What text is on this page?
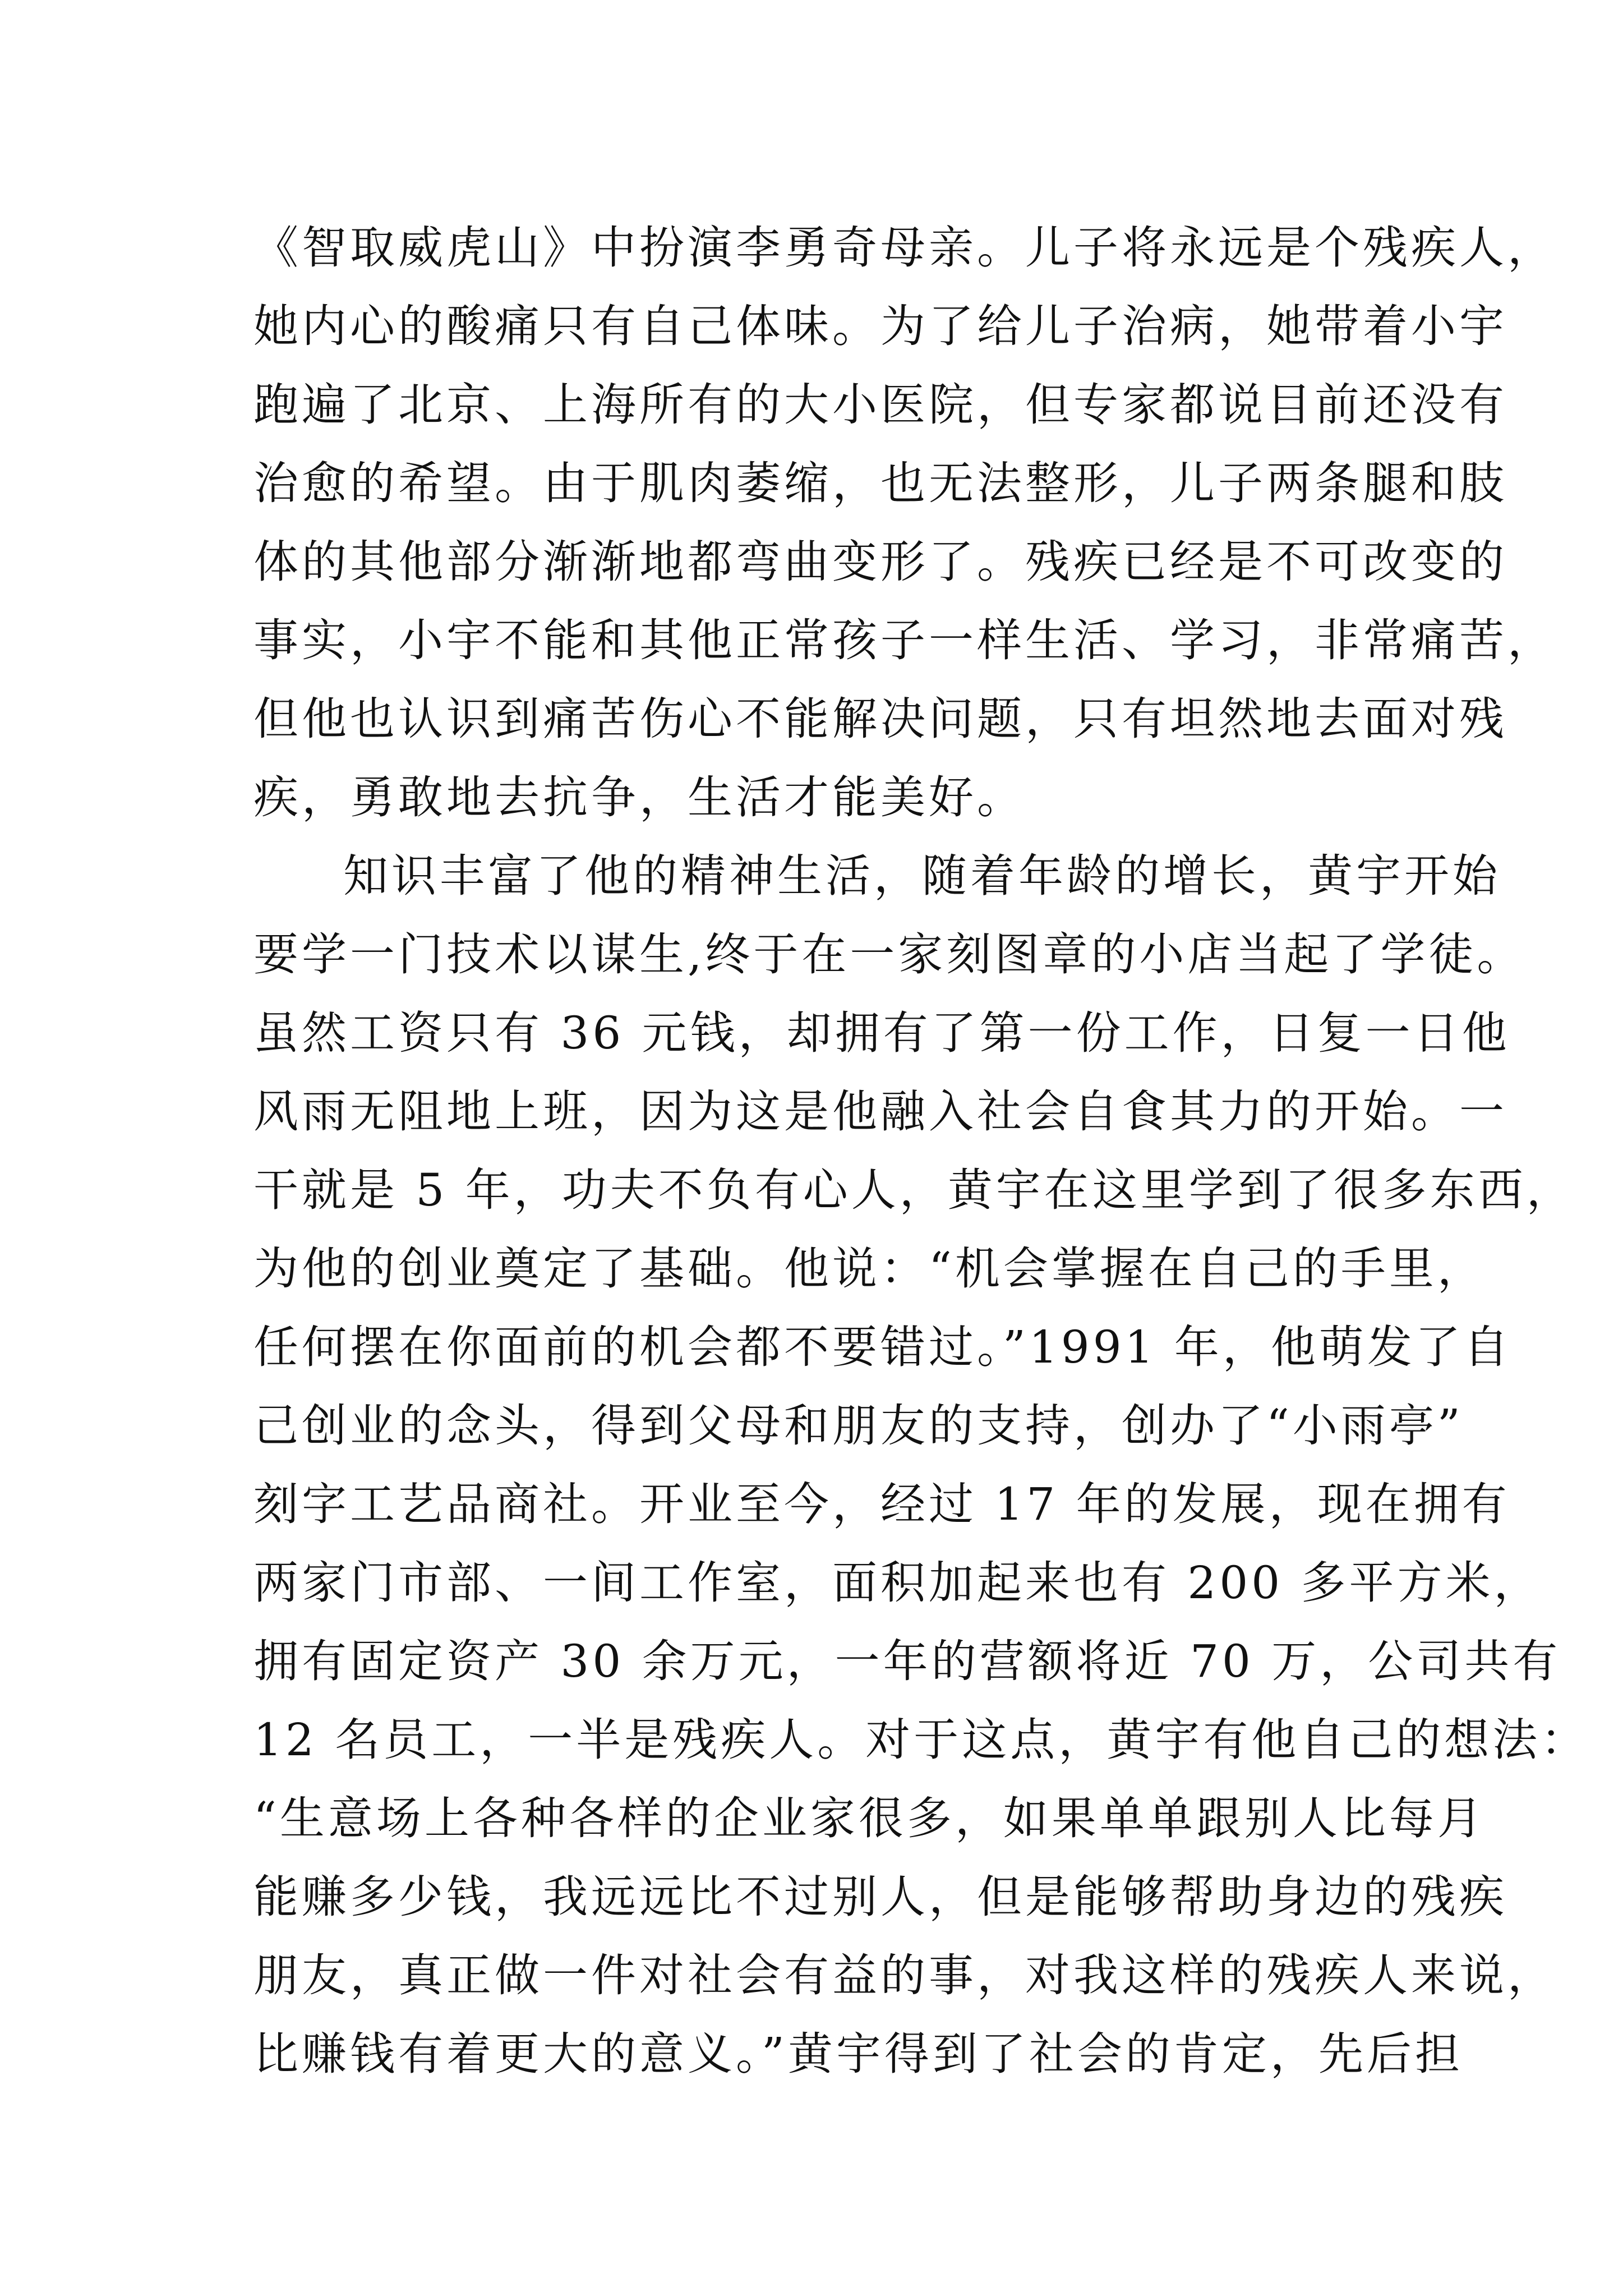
《智取威虎山》中扮演李勇奇母亲。儿子将永远是个残疾人，
她内心的酸痛只有自己体味。为了给儿子治病，她带着小宇
跑遍了北京、上海所有的大小医院，但专家都说目前还没有
治愈的希望。由于肌肉萎缩，也无法整形，儿子两条腿和肢
体的其他部分渐渐地都弯曲变形了。残疾已经是不可改变的
事实，小宇不能和其他正常孩子一样生活、学习，非常痛苦，
但他也认识到痛苦伤心不能解决问题，只有坦然地去面对残
疾，勇敢地去抗争，生活才能美好。
知识丰富了他的精神生活，随着年龄的增长，黄宇开始
要学一门技术以谋生,终于在一家刻图章的小店当起了学徒。
虽然工资只有 36 元钱，却拥有了第一份工作，日复一日他
风雨无阻地上班，因为这是他融入社会自食其力的开始。一
干就是 5 年，功夫不负有心人，黄宇在这里学到了很多东西，
为他的创业奠定了基础。他说：“机会掌握在自己的手里，
任何摆在你面前的机会都不要错过。”1991 年，他萌发了自
己创业的念头，得到父母和朋友的支持，创办了“小雨亭”
刻字工艺品商社。开业至今，经过 17 年的发展，现在拥有
两家门市部、一间工作室，面积加起来也有 200 多平方米，
拥有固定资产 30 余万元，一年的营额将近 70 万，公司共有
12 名员工，一半是残疾人。对于这点，黄宇有他自己的想法：
“生意场上各种各样的企业家很多，如果单单跟别人比每月
能赚多少钱，我远远比不过别人，但是能够帮助身边的残疾
朋友，真正做一件对社会有益的事，对我这样的残疾人来说，
比赚钱有着更大的意义。”黄宇得到了社会的肯定，先后担
